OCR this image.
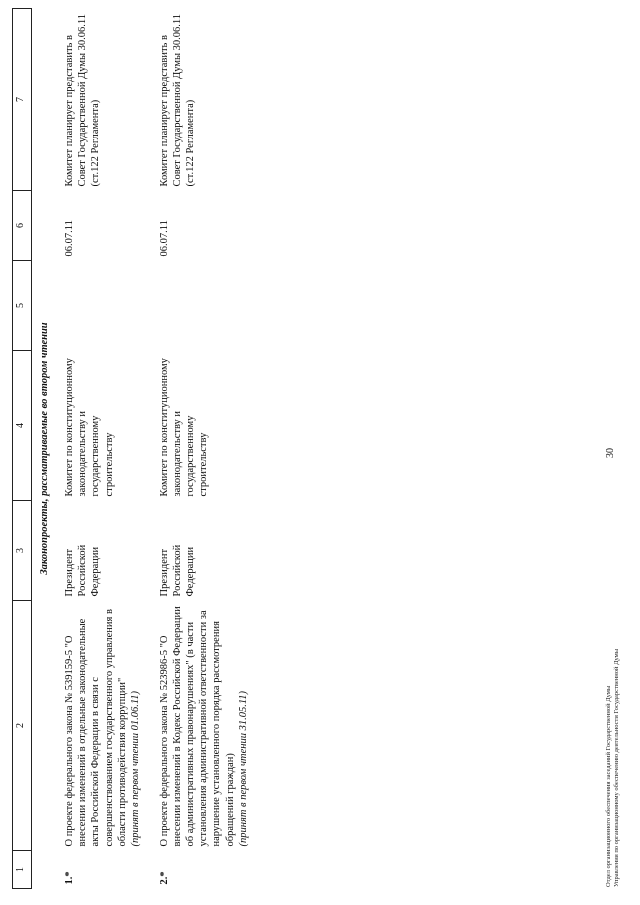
1	2	3	4	5	6	7
Законопроекты, рассматриваемые во втором чтении						
1.*	О проекте федерального закона № 539159-5 "О внесении изменений в отдельные законодательные акты Российской Федерации в связи с совершенствованием государственного управления в области противодействия коррупции" (принят в первом чтении 01.06.11)	Президент Российской Федерации	Комитет по конституционному законодательству и государственному строительству		06.07.11	Комитет планирует представить в Совет Государственной Думы 30.06.11 (ст.122 Регламента)
2.*	О проекте федерального закона № 523986-5 "О внесении изменений в Кодекс Российской Федерации об административных правонарушениях" (в части установления административной ответственности за нарушение установленного порядка рассмотрения обращений граждан) (принят в первом чтении 31.05.11)	Президент Российской Федерации	Комитет по конституционному законодательству и государственному строительству		06.07.11	Комитет планирует представить в Совет Государственной Думы 30.06.11 (ст.122 Регламента)
30
Отдел организационного обеспечения заседаний Государственной Думы Управления по организационному обеспечению деятельности Государственной Думы
